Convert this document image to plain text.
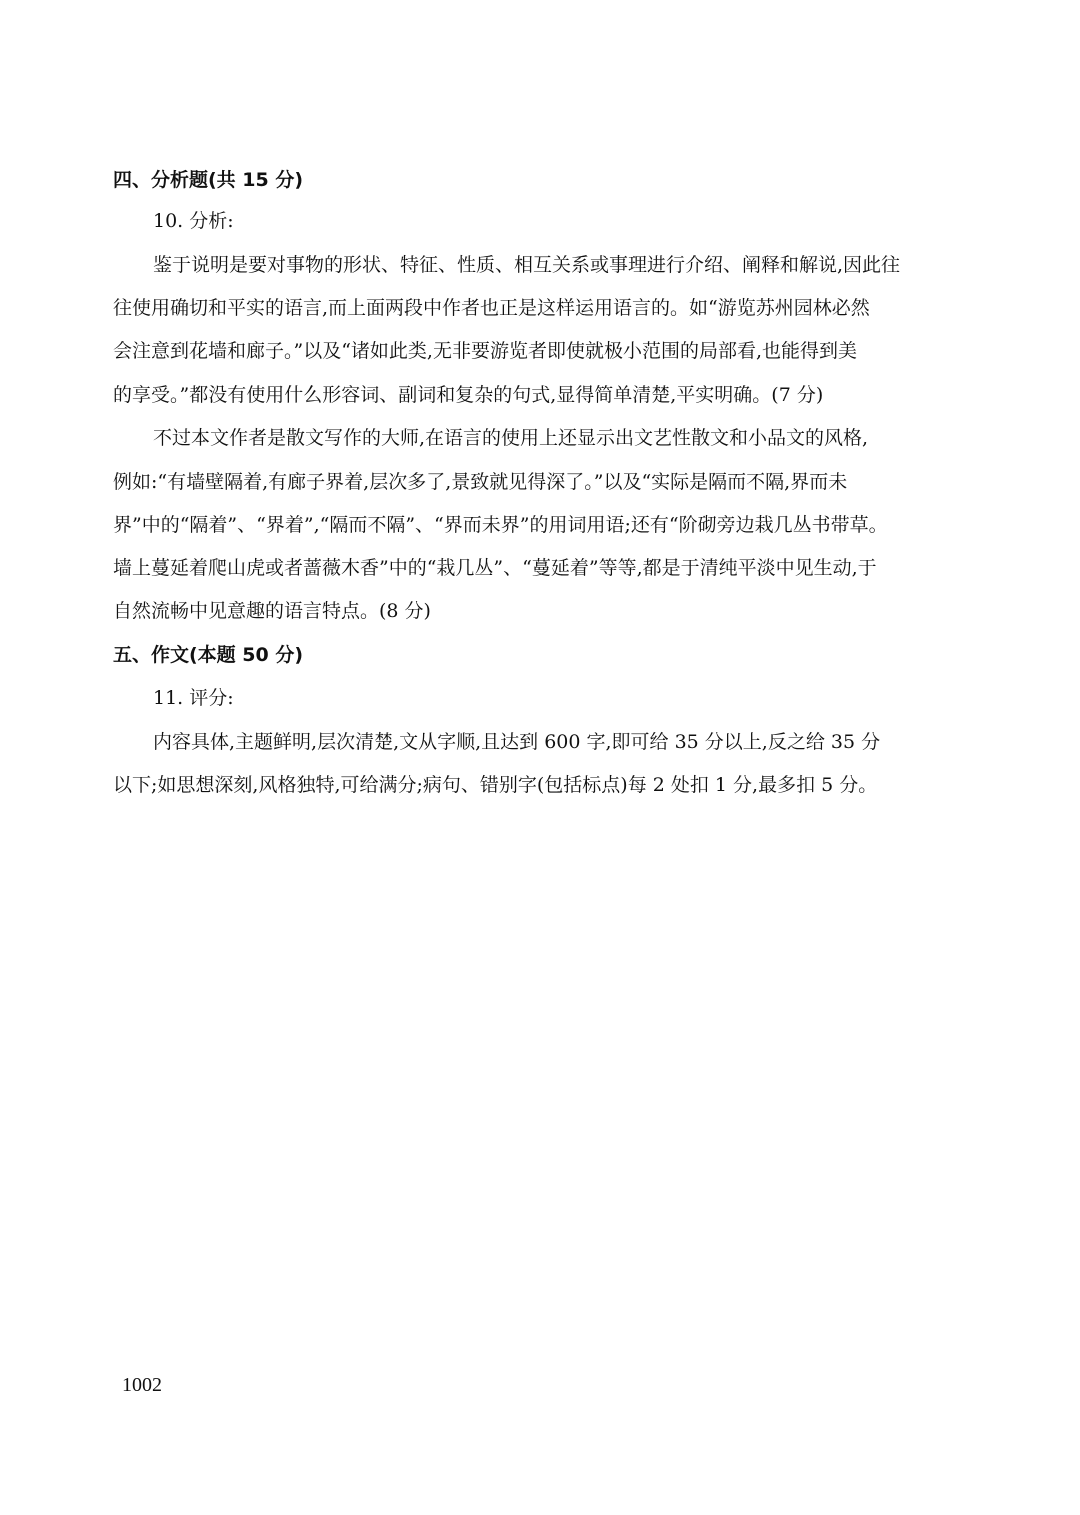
四、分析题(共 15 分)
10. 分析:
鉴于说明是要对事物的形状、特征、性质、相互关系或事理进行介绍、阐释和解说,因此往
往使用确切和平实的语言,而上面两段中作者也正是这样运用语言的。如“游览苏州园林必然
会注意到花墙和廊子。”以及“诸如此类,无非要游览者即使就极小范围的局部看,也能得到美
的享受。”都没有使用什么形容词、副词和复杂的句式,显得简单清楚,平实明确。(7 分)
不过本文作者是散文写作的大师,在语言的使用上还显示出文艺性散文和小品文的风格,
例如:“有墙壁隔着,有廊子界着,层次多了,景致就见得深了。”以及“实际是隔而不隔,界而未
界”中的“隔着”、“界着”,“隔而不隔”、“界而未界”的用词用语;还有“阶砌旁边栽几丛书带草。
墙上蔓延着爬山虎或者蔷薇木香”中的“栽几丛”、“蔓延着”等等,都是于清纯平淡中见生动,于
自然流畅中见意趣的语言特点。(8 分)
五、作文(本题 50 分)
11. 评分:
内容具体,主题鲜明,层次清楚,文从字顺,且达到 600 字,即可给 35 分以上,反之给 35 分
以下;如思想深刻,风格独特,可给满分;病句、错别字(包括标点)每 2 处扣 1 分,最多扣 5 分。
1002
